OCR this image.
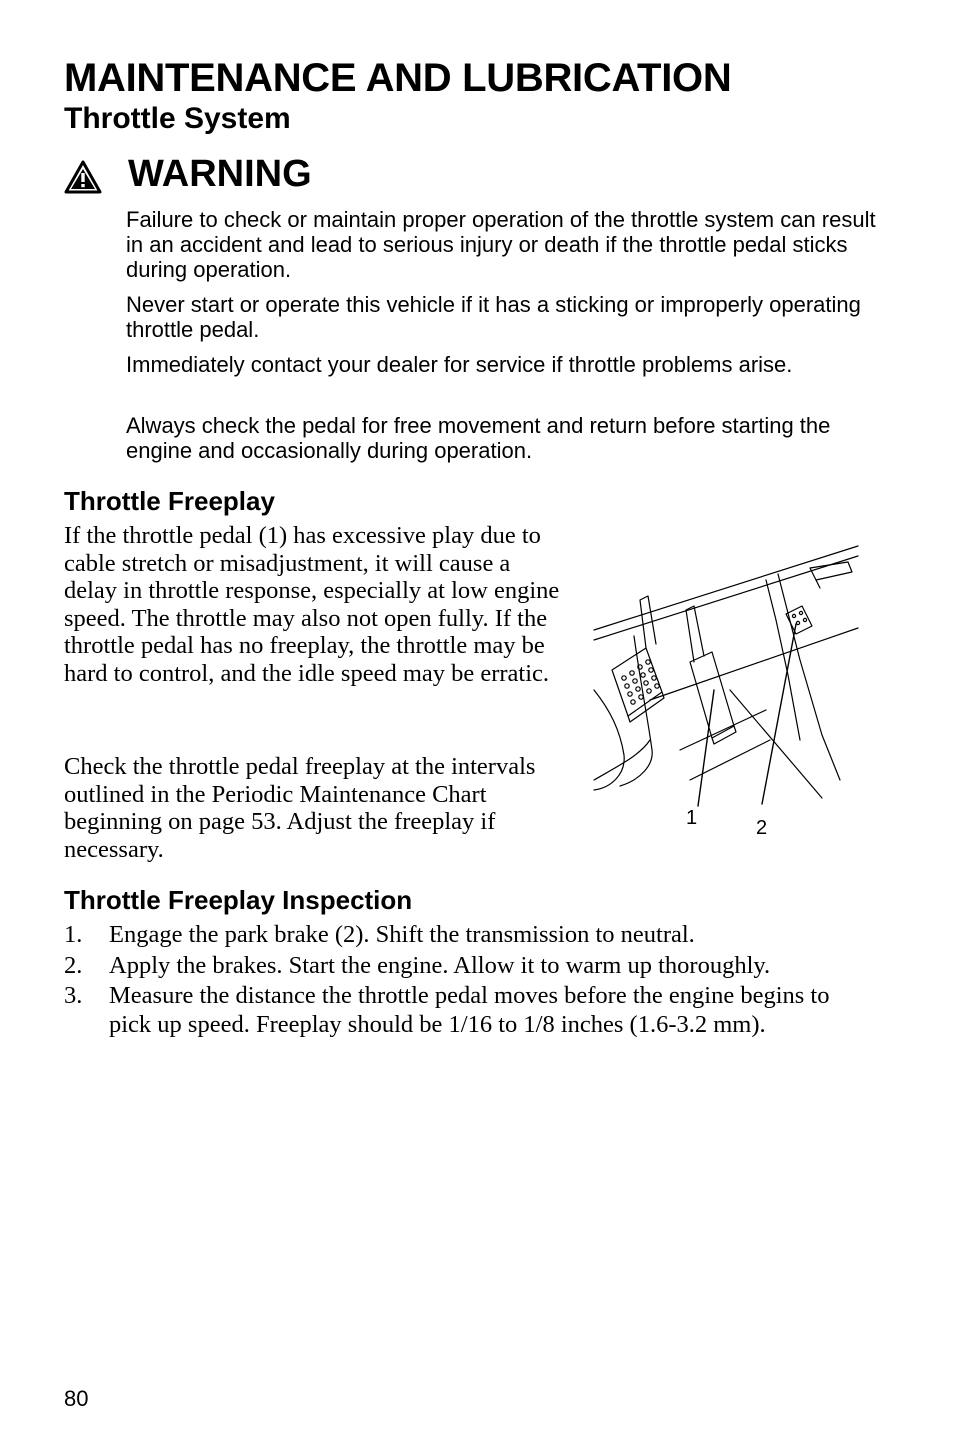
MAINTENANCE AND LUBRICATION
Throttle System
WARNING

Failure to check or maintain proper operation of the throttle system can result in an accident and lead to serious injury or death if the throttle pedal sticks during operation.

Never start or operate this vehicle if it has a sticking or improperly operating throttle pedal.

Immediately contact your dealer for service if throttle problems arise.

Always check the pedal for free movement and return before starting the engine and occasionally during operation.

Throttle Freeplay

If the throttle pedal (1) has excessive play due to cable stretch or misadjustment, it will cause a delay in throttle response, especially at low engine speed. The throttle may also not open fully. If the throttle pedal has no freeplay, the throttle may be hard to control, and the idle speed may be erratic.

Check the throttle pedal freeplay at the intervals outlined in the Periodic Maintenance Chart beginning on page 53. Adjust the freeplay if necessary.

1	2
Throttle Freeplay Inspection
1. Engage the park brake (2). Shift the transmission to neutral.
2. Apply the brakes. Start the engine. Allow it to warm up thoroughly.
3. Measure the distance the throttle pedal moves before the engine begins to pick up speed. Freeplay should be 1/16 to 1/8 inches (1.6-3.2 mm).
80
